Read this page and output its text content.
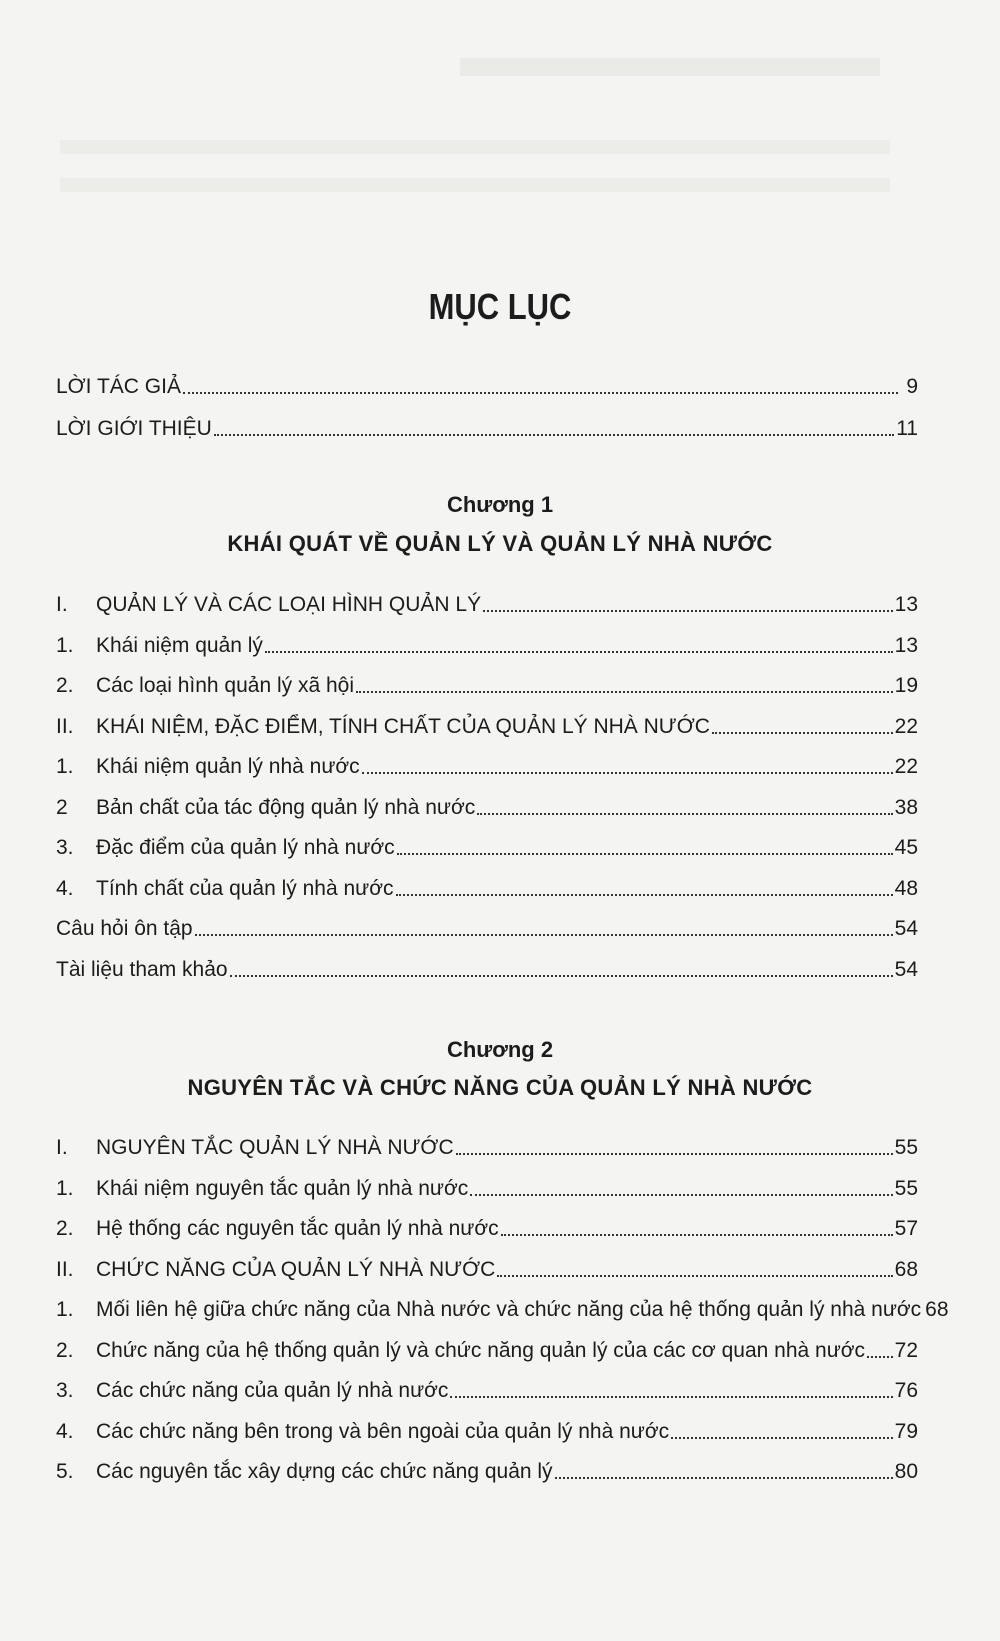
MỤC LỤC
LỜI TÁC GIẢ	9
LỜI GIỚI THIỆU	11
Chương 1
KHÁI QUÁT VỀ QUẢN LÝ VÀ QUẢN LÝ NHÀ NƯỚC
I.	QUẢN LÝ VÀ CÁC LOẠI HÌNH QUẢN LÝ	13
1.	Khái niệm quản lý	13
2.	Các loại hình quản lý xã hội	19
II.	KHÁI NIỆM, ĐẶC ĐIỂM, TÍNH CHẤT CỦA QUẢN LÝ NHÀ NƯỚC	22
1.	Khái niệm quản lý nhà nước	22
2	Bản chất của tác động quản lý nhà nước	38
3.	Đặc điểm của quản lý nhà nước	45
4.	Tính chất của quản lý nhà nước	48
Câu hỏi ôn tập	54
Tài liệu tham khảo	54
Chương 2
NGUYÊN TẮC VÀ CHỨC NĂNG CỦA QUẢN LÝ NHÀ NƯỚC
I.	NGUYÊN TẮC QUẢN LÝ NHÀ NƯỚC	55
1.	Khái niệm nguyên tắc quản lý nhà nước	55
2.	Hệ thống các nguyên tắc quản lý nhà nước	57
II.	CHỨC NĂNG CỦA QUẢN LÝ NHÀ NƯỚC	68
1.	Mối liên hệ giữa chức năng của Nhà nước và chức năng của hệ thống quản lý nhà nước 68
2.	Chức năng của hệ thống quản lý và chức năng quản lý của các cơ quan nhà nước 72
3.	Các chức năng của quản lý nhà nước	76
4.	Các chức năng bên trong và bên ngoài của quản lý nhà nước	79
5.	Các nguyên tắc xây dựng các chức năng quản lý	80
